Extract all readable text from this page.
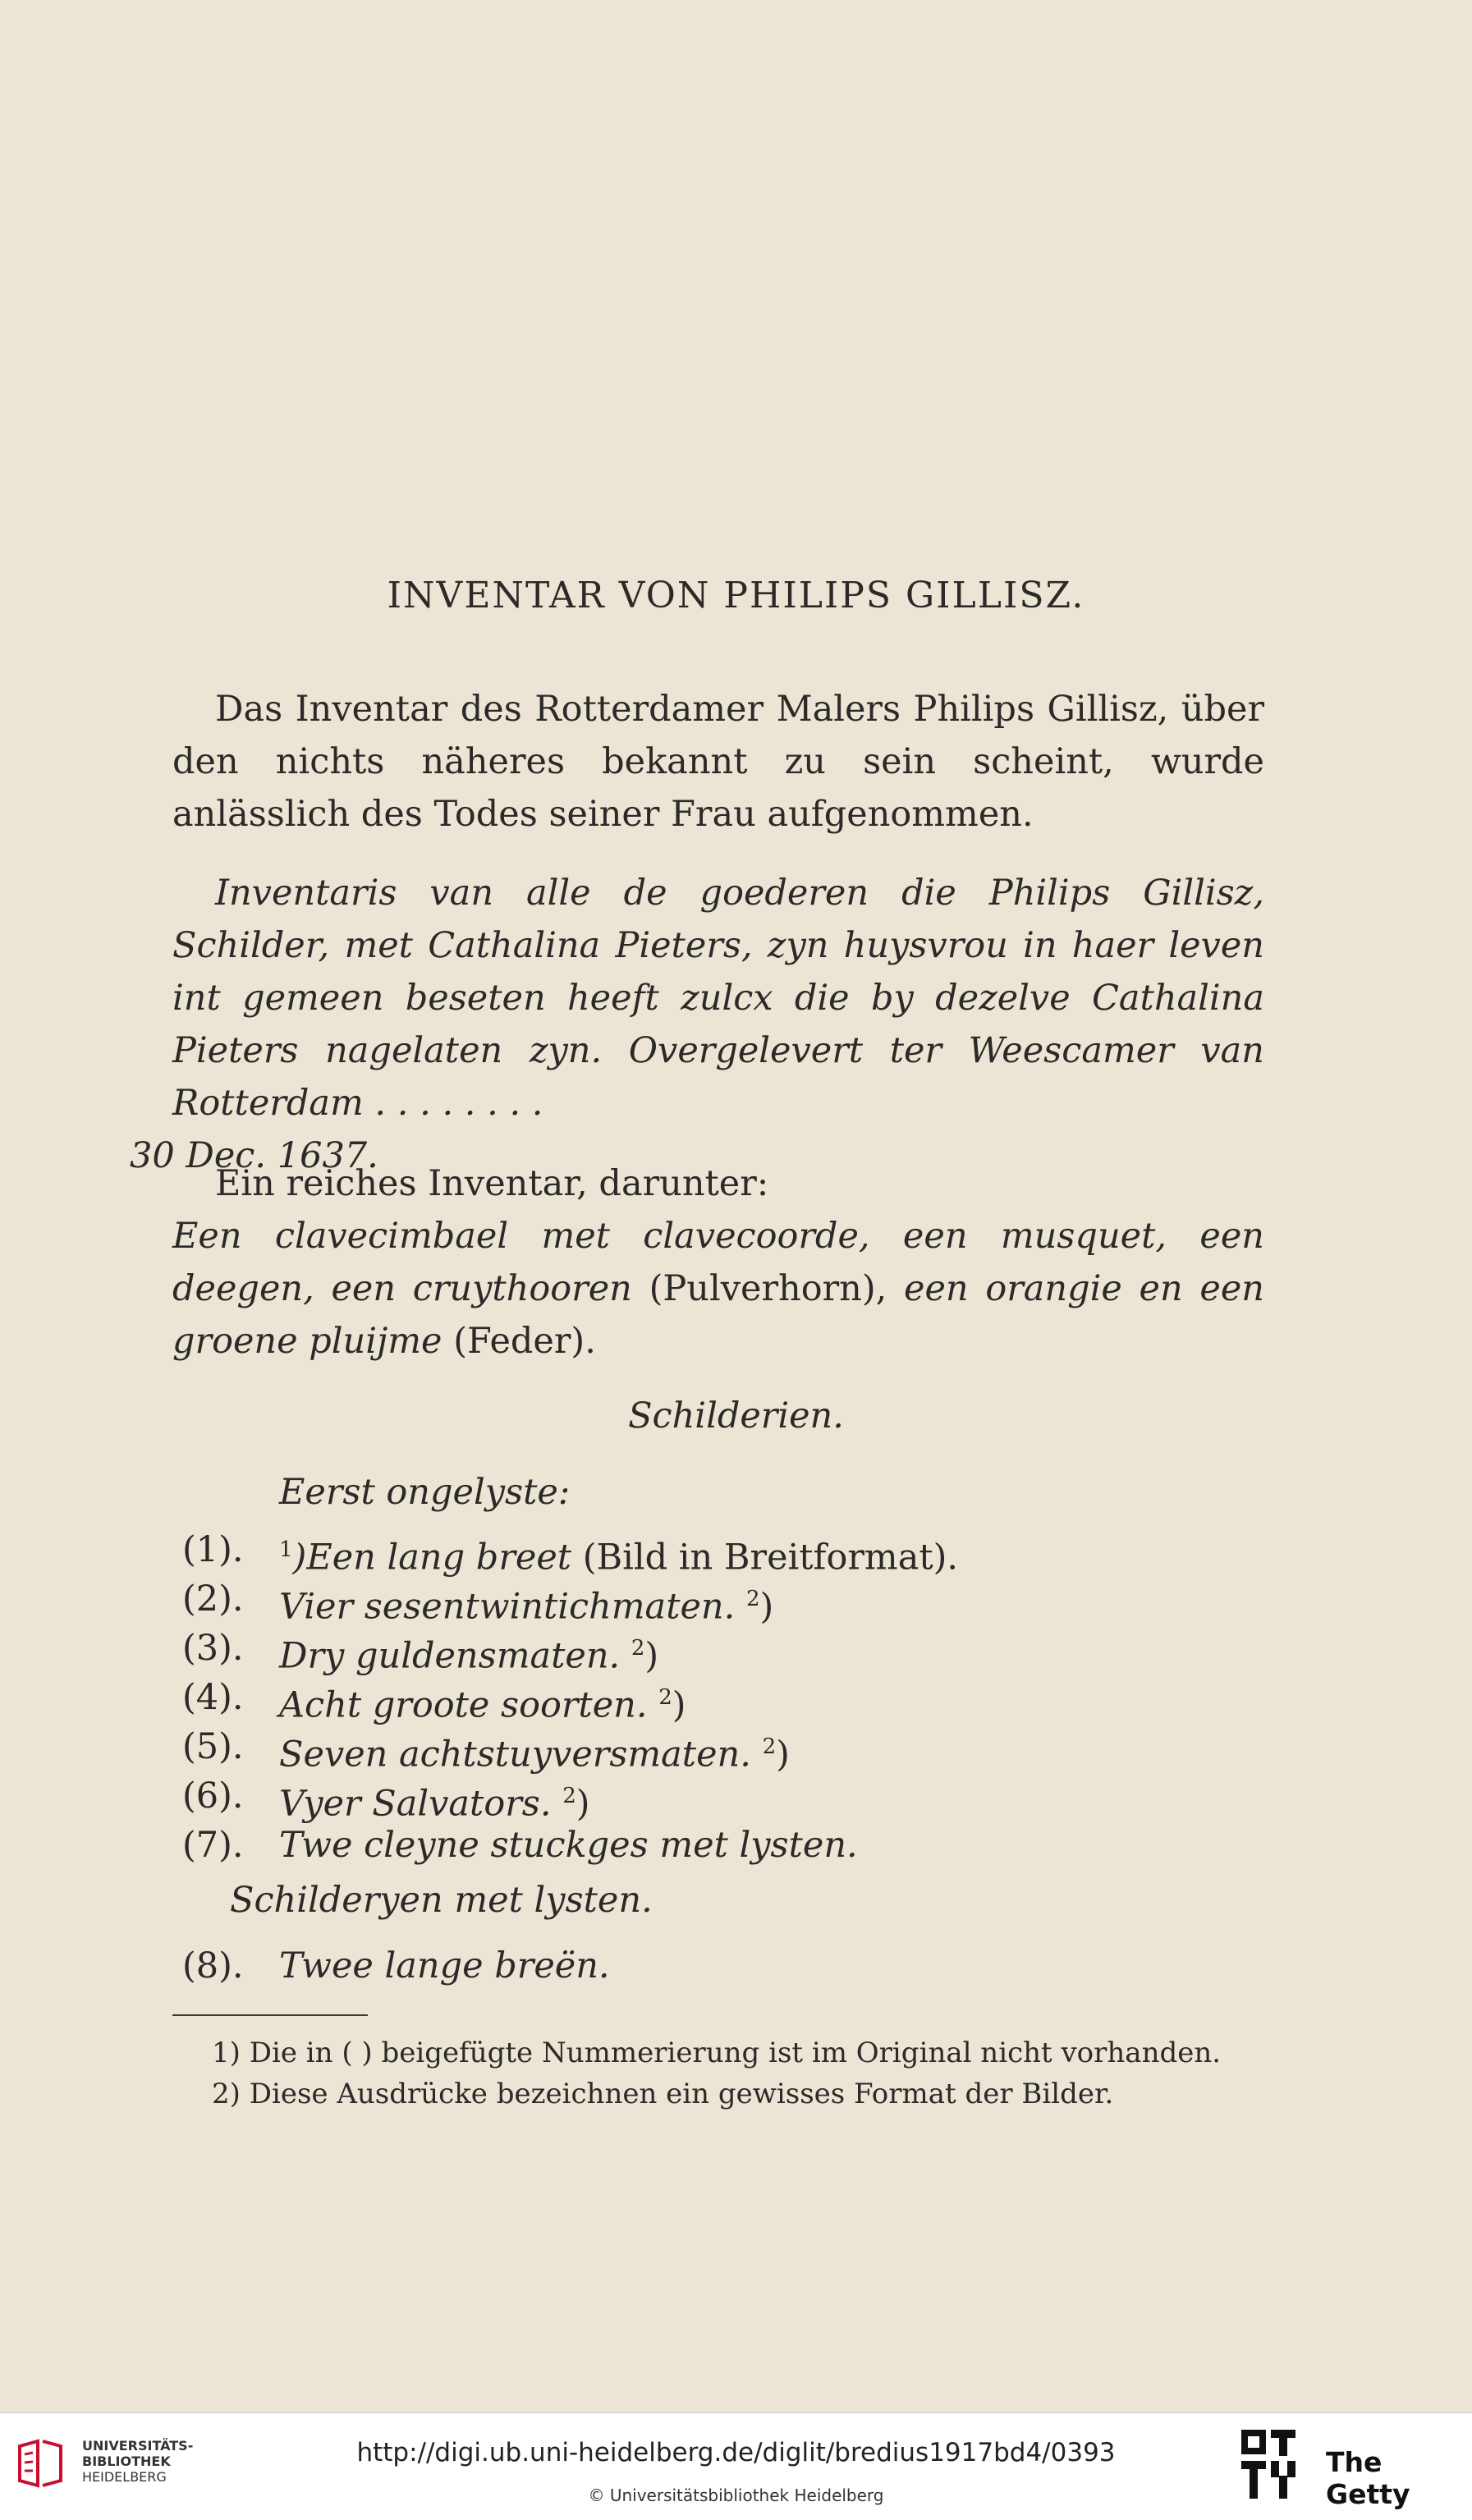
INVENTAR VON PHILIPS GILLISZ.
Das Inventar des Rotterdamer Malers Philips Gillisz, über den nichts näheres bekannt zu sein scheint, wurde anlässlich des Todes seiner Frau aufgenommen.
Inventaris van alle de goederen die Philips Gillisz, Schilder, met Cathalina Pieters, zyn huysvrou in haer leven int gemeen beseten heeft zulcx die by dezelve Cathalina Pieters nagelaten zyn. Overgelevert ter Weescamer van Rotterdam . . . . . . . .
30 Dec. 1637.
Ein reiches Inventar, darunter:
Een clavecimbael met clavecoorde, een musquet, een deegen, een cruythooren (Pulverhorn), een orangie en een groene pluijme (Feder).
Schilderien.
Eerst ongelyste:
(1).	$^1$)Een lang breet (Bild in Breitformat).
(2).	Vier sesentwintichmaten. $^2$)
(3).	Dry guldensmaten. $^2$)
(4).	Acht groote soorten. $^2$)
(5).	Seven achtstuyversmaten. $^2$)
(6).	Vyer Salvators. $^2$)
(7).	Twe cleyne stuckges met lysten.
Schilderyen met lysten.
(8).	Twee lange breën.
1) Die in ( ) beigefügte Nummerierung ist im Original nicht vorhanden.
2) Diese Ausdrücke bezeichnen ein gewisses Format der Bilder.
UNIVERSITÄTS-
BIBLIOTHEK
HEIDELBERG
http://digi.ub.uni-heidelberg.de/diglit/bredius1917bd4/0393
© Universitätsbibliothek Heidelberg
The Getty
